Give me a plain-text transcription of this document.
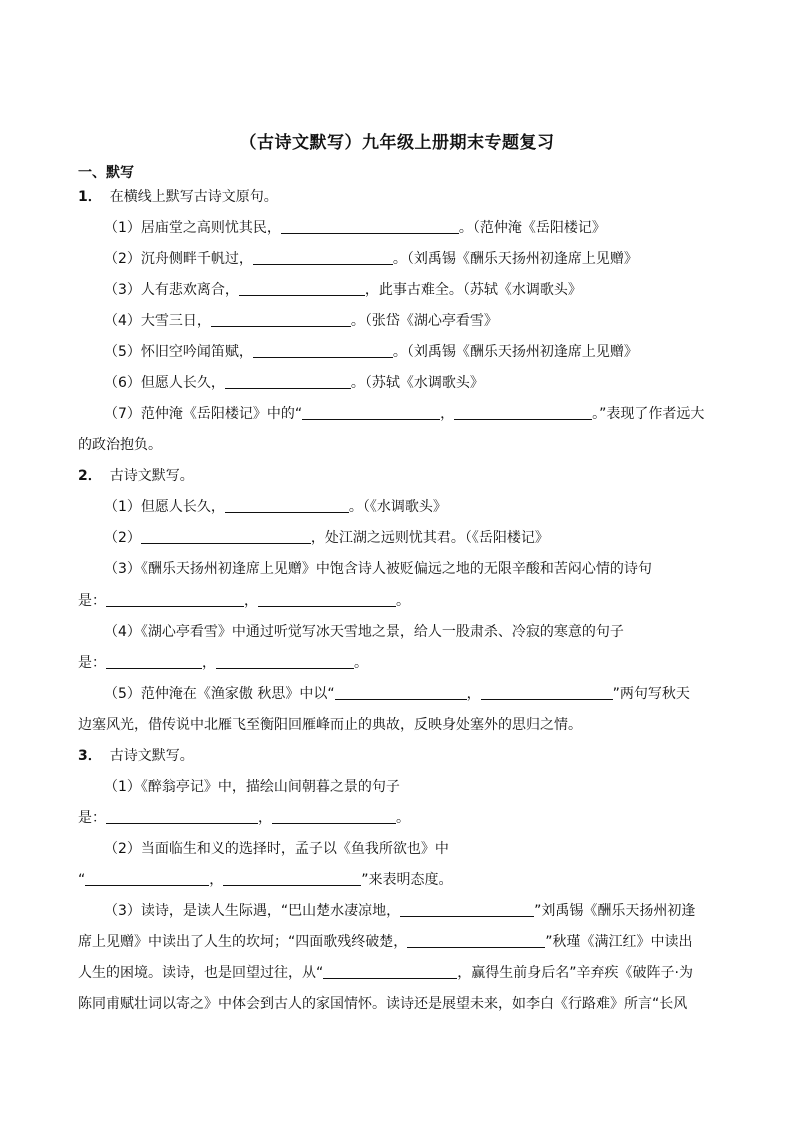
（古诗文默写）九年级上册期末专题复习
一、默写
1． 在横线上默写古诗文原句。
（1）居庙堂之高则忧其民，	。（范仲淹《岳阳楼记》
（2）沉舟侧畔千帆过，	。（刘禹锡《酬乐天扬州初逢席上见赠》
（3）人有悲欢离合，	，此事古难全。（苏轼《水调歌头》
（4）大雪三日，	。（张岱《湖心亭看雪》
（5）怀旧空吟闻笛赋，	。（刘禹锡《酬乐天扬州初逢席上见赠》
（6）但愿人长久，	。（苏轼《水调歌头》
（7）范仲淹《岳阳楼记》中的“	，	。”表现了作者远大
的政治抱负。
2． 古诗文默写。
（1）但愿人长久，	。（《水调歌头》
（2）	，处江湖之远则忧其君。（《岳阳楼记》
（3）《酬乐天扬州初逢席上见赠》中饱含诗人被贬偏远之地的无限辛酸和苦闷心情的诗句
是：	，	。
（4）《湖心亭看雪》中通过听觉写冰天雪地之景，给人一股肃杀、冷寂的寒意的句子
是：	，	。
（5）范仲淹在《渔家傲 秋思》中以“	，	”两句写秋天
边塞风光，借传说中北雁飞至衡阳回雁峰而止的典故，反映身处塞外的思归之情。
3． 古诗文默写。
（1）《醉翁亭记》中，描绘山间朝暮之景的句子
是：	，	。
（2）当面临生和义的选择时，孟子以《鱼我所欲也》中
“	，	”来表明态度。
（3）读诗，是读人生际遇，“巴山楚水凄凉地，	”刘禹锡《酬乐天扬州初逢
席上见赠》中读出了人生的坎坷；“四面歌残终破楚，	”秋瑾《满江红》中读出
人生的困境。读诗，也是回望过往，从“	，赢得生前身后名”辛弃疾《破阵子·为
陈同甫赋壮词以寄之》中体会到古人的家国情怀。读诗还是展望未来，如李白《行路难》所言“长风
